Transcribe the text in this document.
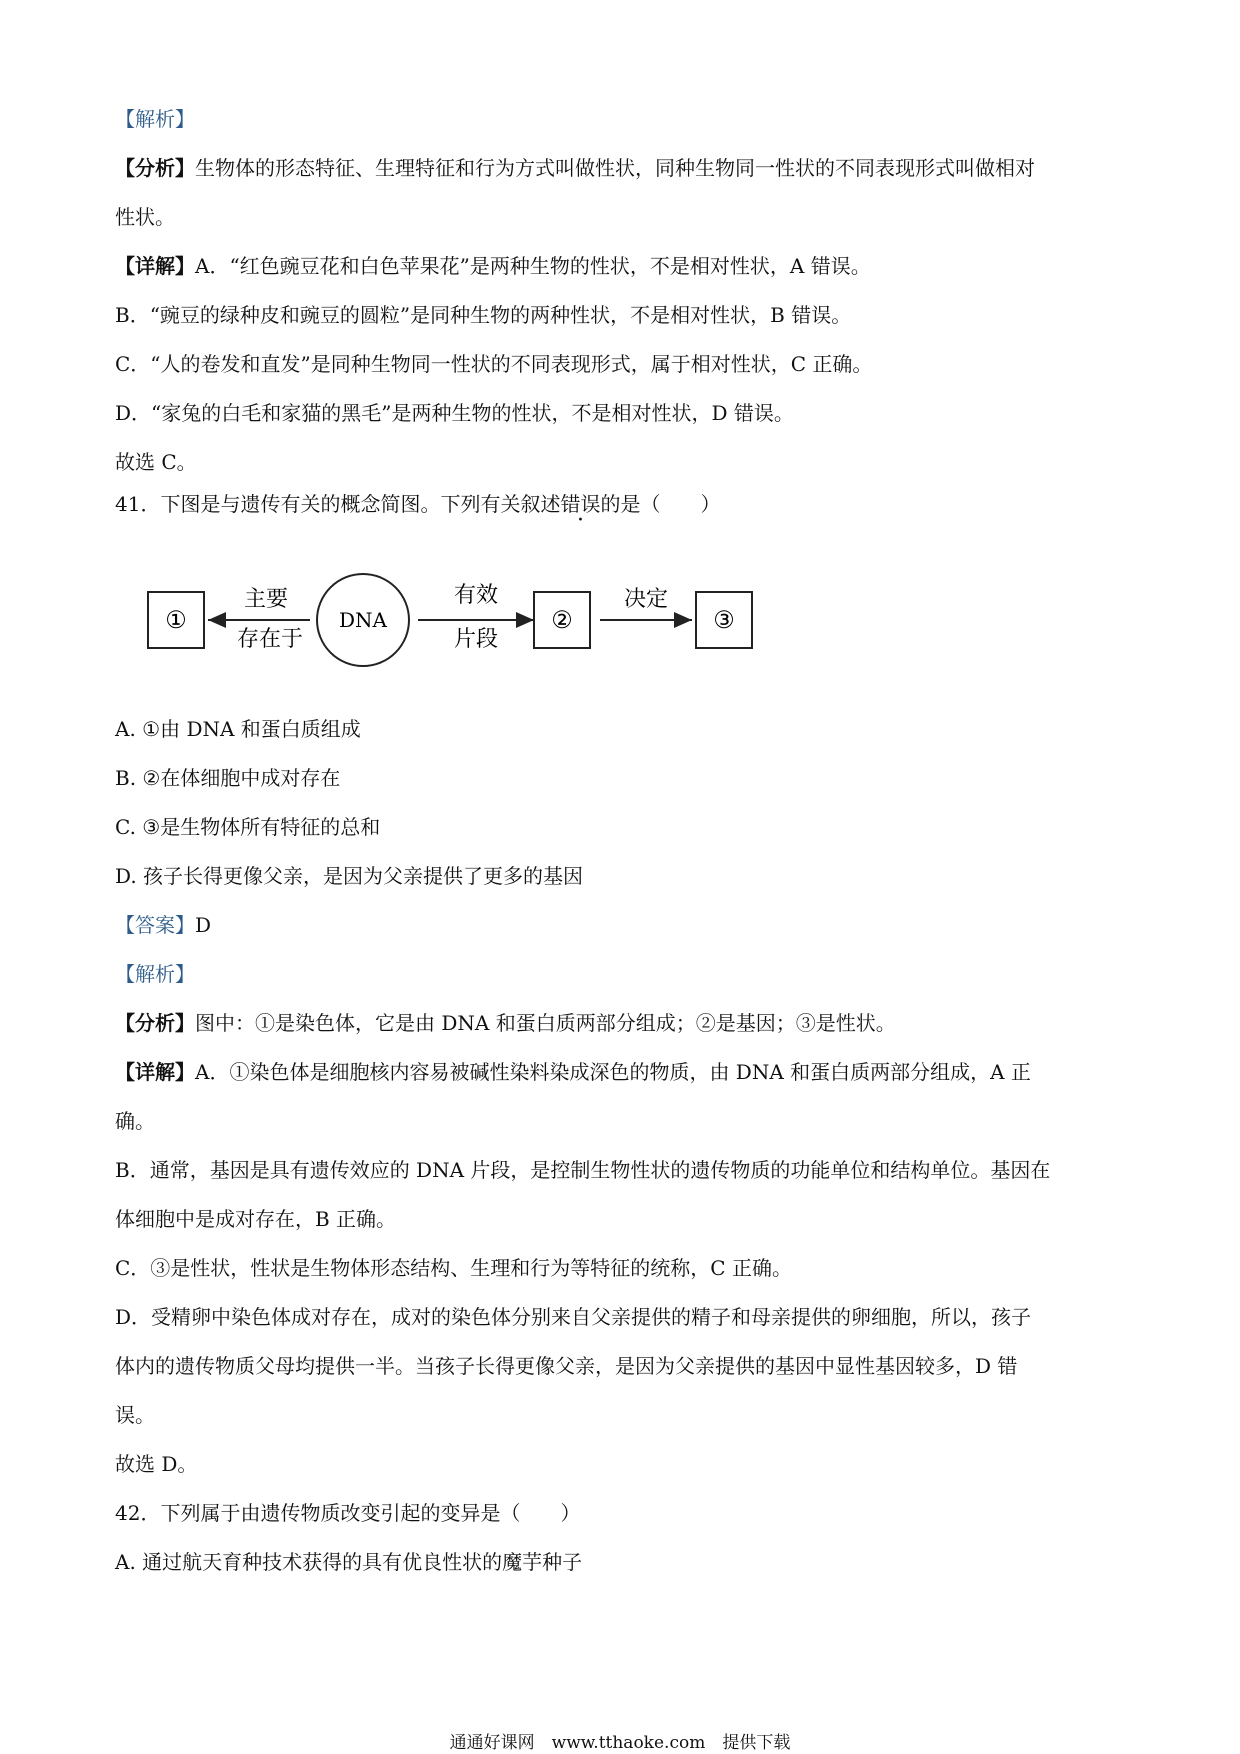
【解析】
【分析】生物体的形态特征、生理特征和行为方式叫做性状，同种生物同一性状的不同表现形式叫做相对
性状。
【详解】A．“红色豌豆花和白色苹果花”是两种生物的性状，不是相对性状，A 错误。
B．“豌豆的绿种皮和豌豆的圆粒”是同种生物的两种性状，不是相对性状，B 错误。
C．“人的卷发和直发”是同种生物同一性状的不同表现形式，属于相对性状，C 正确。
D．“家兔的白毛和家猫的黑毛”是两种生物的性状，不是相对性状，D 错误。
故选 C。
41．下图是与遗传有关的概念简图。下列有关叙述错误的是（　　）
①
主要
存在于
DNA
有效
片段
②
决定
③
A. ①由 DNA 和蛋白质组成
B. ②在体细胞中成对存在
C. ③是生物体所有特征的总和
D. 孩子长得更像父亲，是因为父亲提供了更多的基因
【答案】D
【解析】
【分析】图中：①是染色体，它是由 DNA 和蛋白质两部分组成；②是基因；③是性状。
【详解】A．①染色体是细胞核内容易被碱性染料染成深色的物质，由 DNA 和蛋白质两部分组成，A 正
确。
B．通常，基因是具有遗传效应的 DNA 片段，是控制生物性状的遗传物质的功能单位和结构单位。基因在
体细胞中是成对存在，B 正确。
C．③是性状，性状是生物体形态结构、生理和行为等特征的统称，C 正确。
D．受精卵中染色体成对存在，成对的染色体分别来自父亲提供的精子和母亲提供的卵细胞，所以，孩子
体内的遗传物质父母均提供一半。当孩子长得更像父亲，是因为父亲提供的基因中显性基因较多，D 错
误。
故选 D。
42．下列属于由遗传物质改变引起的变异是（　　）
A. 通过航天育种技术获得的具有优良性状的魔芋种子
通通好课网　www.tthaoke.com　提供下载
